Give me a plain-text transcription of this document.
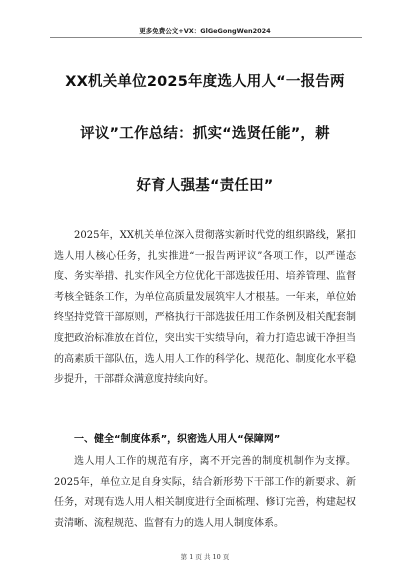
更多免费公文+VX：GlGeGongWen2024
XX机关单位2025年度选人用人“一报告两
评议”工作总结：抓实“选贤任能”，耕
好育人强基“责任田”

2025年，XX机关单位深入贯彻落实新时代党的组织路线，紧扣选人用人核心任务，扎实推进“一报告两评议”各项工作，以严谨态度、务实举措、扎实作风全方位优化干部选拔任用、培养管理、监督考核全链条工作，为单位高质量发展筑牢人才根基。一年来，单位始终坚持党管干部原则，严格执行干部选拔任用工作条例及相关配套制度把政治标准放在首位，突出实干实绩导向，着力打造忠诚干净担当的高素质干部队伍，选人用人工作的科学化、规范化、制度化水平稳步提升，干部群众满意度持续向好。

一、健全“制度体系”，织密选人用人“保障网”

选人用人工作的规范有序，离不开完善的制度机制作为支撑。2025年，单位立足自身实际，结合新形势下干部工作的新要求、新任务，对现有选人用人相关制度进行全面梳理、修订完善，构建起权责清晰、流程规范、监督有力的选人用人制度体系。

第 1 页 共 10 页
